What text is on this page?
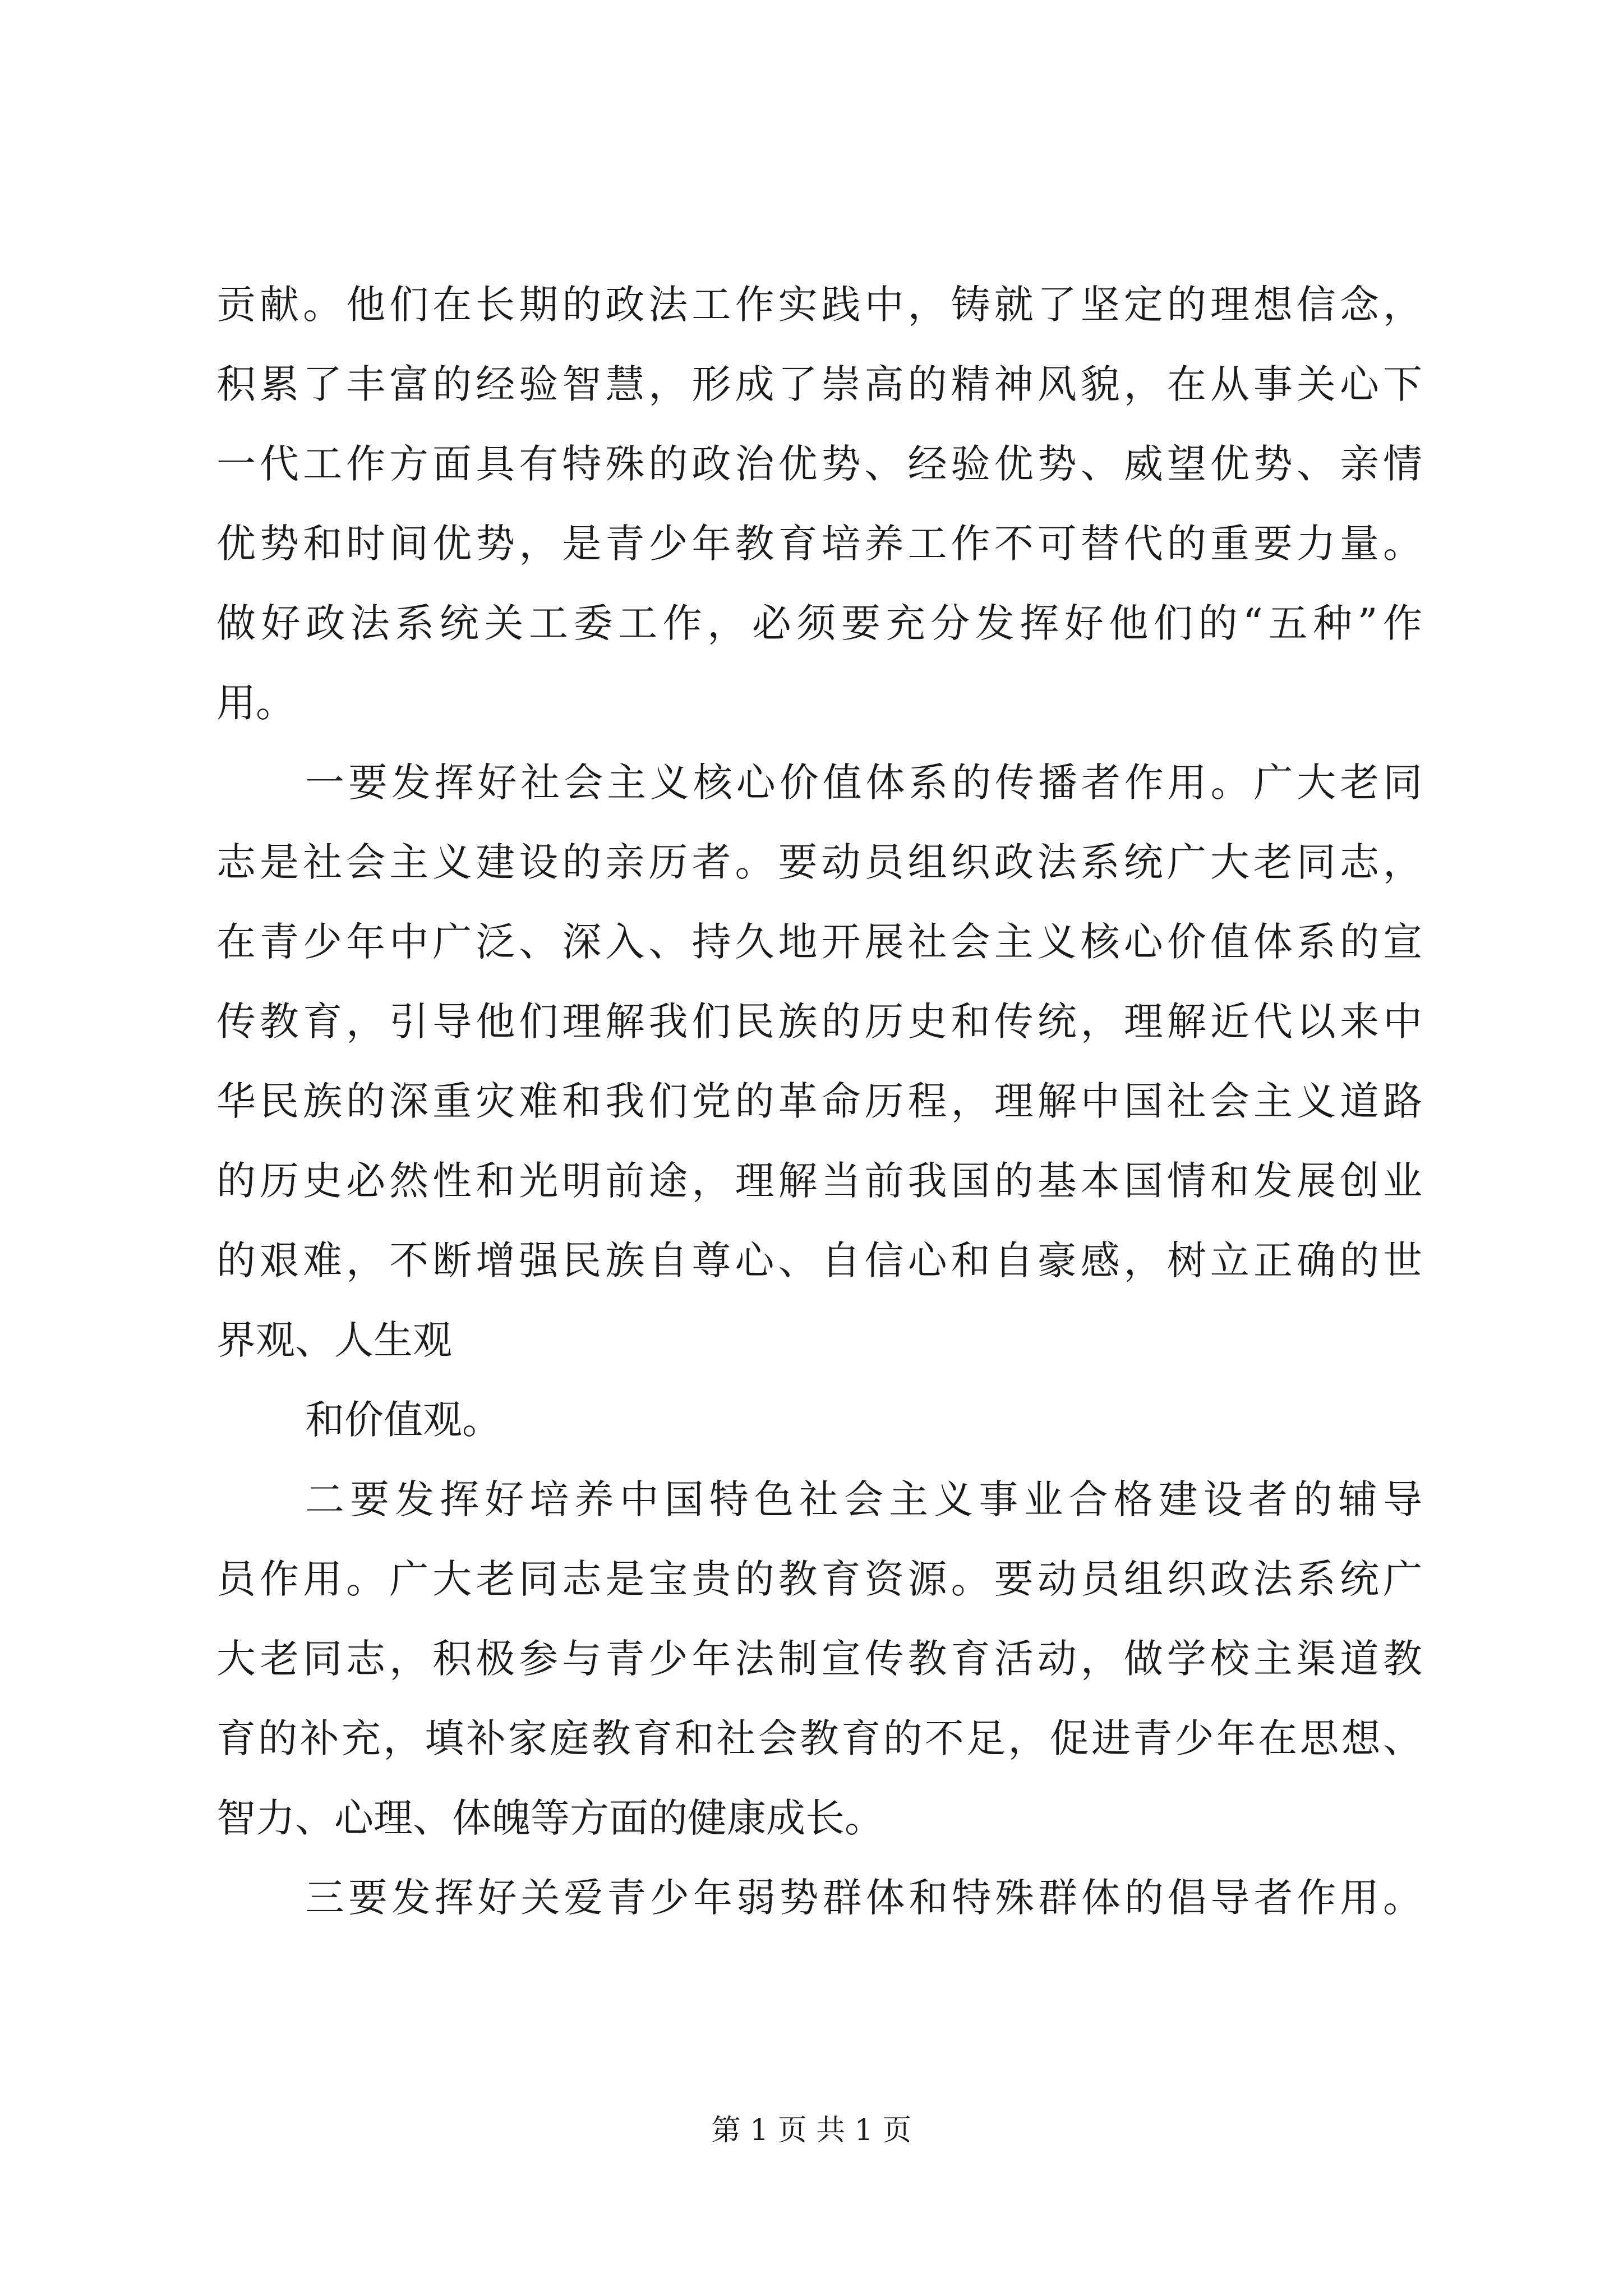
贡献。他们在长期的政法工作实践中，铸就了坚定的理想信念，
积累了丰富的经验智慧，形成了崇高的精神风貌，在从事关心下
一代工作方面具有特殊的政治优势、经验优势、威望优势、亲情
优势和时间优势，是青少年教育培养工作不可替代的重要力量。
做好政法系统关工委工作，必须要充分发挥好他们的“五种”作
用。
一要发挥好社会主义核心价值体系的传播者作用。广大老同
志是社会主义建设的亲历者。要动员组织政法系统广大老同志，
在青少年中广泛、深入、持久地开展社会主义核心价值体系的宣
传教育，引导他们理解我们民族的历史和传统，理解近代以来中
华民族的深重灾难和我们党的革命历程，理解中国社会主义道路
的历史必然性和光明前途，理解当前我国的基本国情和发展创业
的艰难，不断增强民族自尊心、自信心和自豪感，树立正确的世
界观、人生观
和价值观。
二要发挥好培养中国特色社会主义事业合格建设者的辅导
员作用。广大老同志是宝贵的教育资源。要动员组织政法系统广
大老同志，积极参与青少年法制宣传教育活动，做学校主渠道教
育的补充，填补家庭教育和社会教育的不足，促进青少年在思想、
智力、心理、体魄等方面的健康成长。
三要发挥好关爱青少年弱势群体和特殊群体的倡导者作用。
第 1 页 共 1 页
